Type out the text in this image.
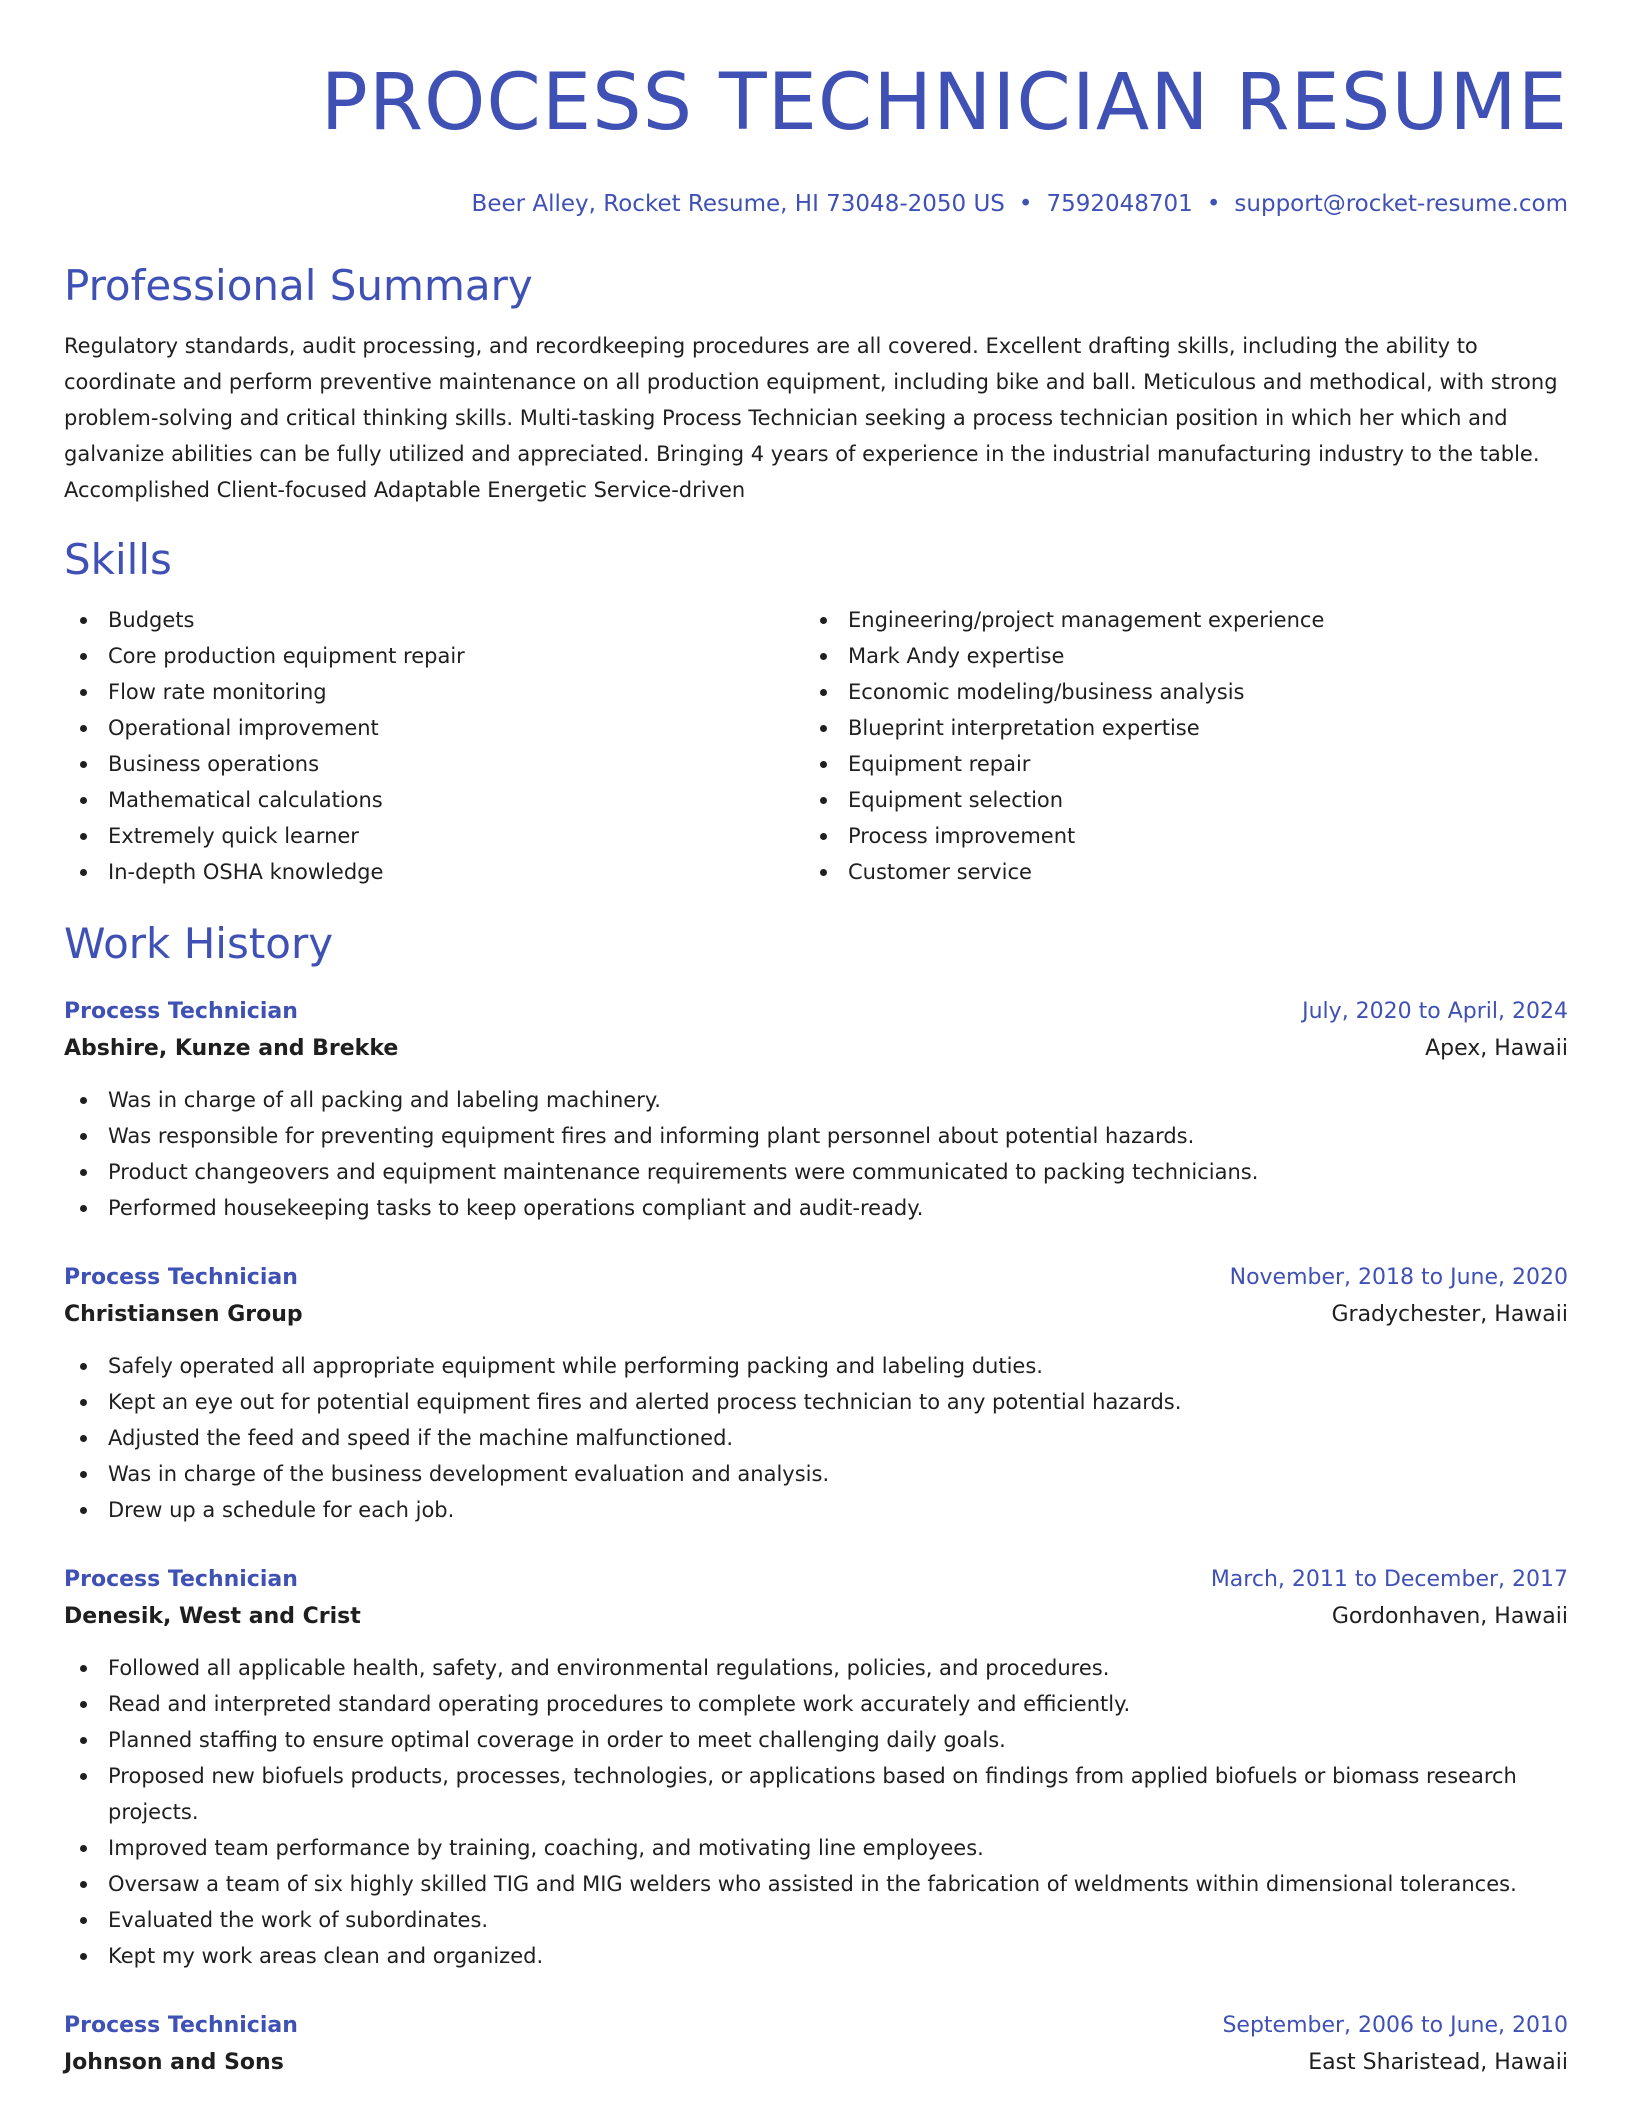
PROCESS TECHNICIAN RESUME
Beer Alley, Rocket Resume, HI 73048-2050 US • 7592048701 • support@rocket-resume.com
Professional Summary

Regulatory standards, audit processing, and recordkeeping procedures are all covered. Excellent drafting skills, including the ability to coordinate and perform preventive maintenance on all production equipment, including bike and ball. Meticulous and methodical, with strong problem-solving and critical thinking skills. Multi-tasking Process Technician seeking a process technician position in which her which and galvanize abilities can be fully utilized and appreciated. Bringing 4 years of experience in the industrial manufacturing industry to the table. Accomplished Client-focused Adaptable Energetic Service-driven

Skills
Budgets
Core production equipment repair
Flow rate monitoring
Operational improvement
Business operations
Mathematical calculations
Extremely quick learner
In-depth OSHA knowledge
Engineering/project management experience
Mark Andy expertise
Economic modeling/business analysis
Blueprint interpretation expertise
Equipment repair
Equipment selection
Process improvement
Customer service
Work History
Process Technician	July, 2020 to April, 2024
Abshire, Kunze and Brekke	Apex, Hawaii
Was in charge of all packing and labeling machinery.
Was responsible for preventing equipment fires and informing plant personnel about potential hazards.
Product changeovers and equipment maintenance requirements were communicated to packing technicians.
Performed housekeeping tasks to keep operations compliant and audit-ready.
Process Technician	November, 2018 to June, 2020
Christiansen Group	Gradychester, Hawaii
Safely operated all appropriate equipment while performing packing and labeling duties.
Kept an eye out for potential equipment fires and alerted process technician to any potential hazards.
Adjusted the feed and speed if the machine malfunctioned.
Was in charge of the business development evaluation and analysis.
Drew up a schedule for each job.
Process Technician	March, 2011 to December, 2017
Denesik, West and Crist	Gordonhaven, Hawaii
Followed all applicable health, safety, and environmental regulations, policies, and procedures.
Read and interpreted standard operating procedures to complete work accurately and efficiently.
Planned staffing to ensure optimal coverage in order to meet challenging daily goals.
Proposed new biofuels products, processes, technologies, or applications based on findings from applied biofuels or biomass research projects.
Improved team performance by training, coaching, and motivating line employees.
Oversaw a team of six highly skilled TIG and MIG welders who assisted in the fabrication of weldments within dimensional tolerances.
Evaluated the work of subordinates.
Kept my work areas clean and organized.
Process Technician	September, 2006 to June, 2010
Johnson and Sons	East Sharistead, Hawaii
